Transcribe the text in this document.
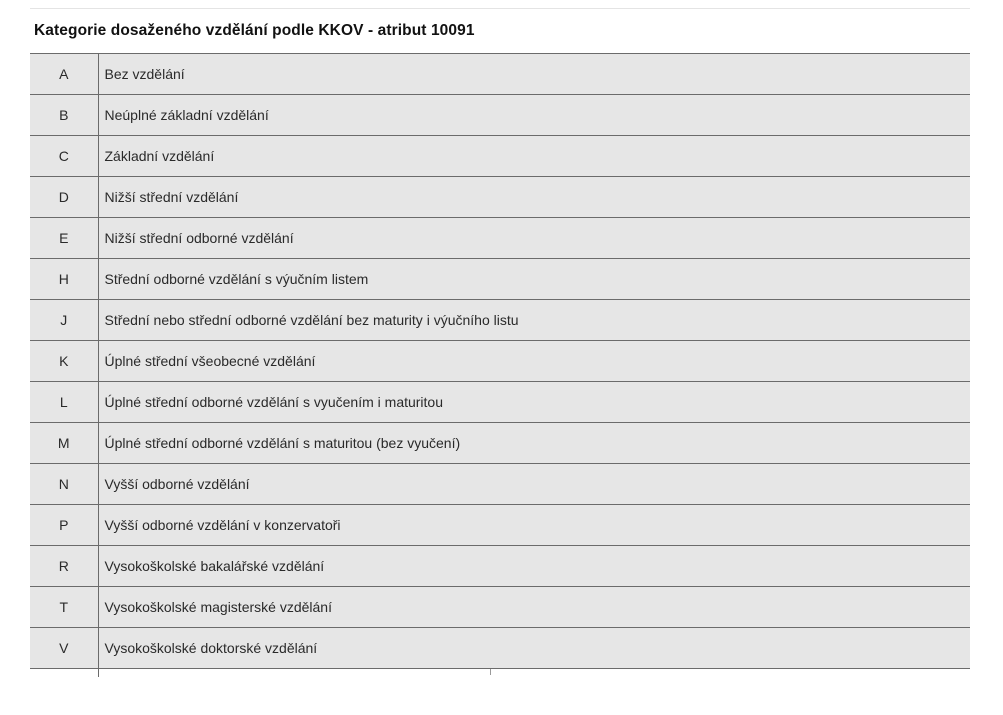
Kategorie dosaženého vzdělání podle KKOV - atribut 10091
A	Bez vzdělání
B	Neúplné základní vzdělání
C	Základní vzdělání
D	Nižší střední vzdělání
E	Nižší střední odborné vzdělání
H	Střední odborné vzdělání s výučním listem
J	Střední nebo střední odborné vzdělání bez maturity i výučního listu
K	Úplné střední všeobecné vzdělání
L	Úplné střední odborné vzdělání s vyučením i maturitou
M	Úplné střední odborné vzdělání s maturitou (bez vyučení)
N	Vyšší odborné vzdělání
P	Vyšší odborné vzdělání v konzervatoři
R	Vysokoškolské bakalářské vzdělání
T	Vysokoškolské magisterské vzdělání
V	Vysokoškolské doktorské vzdělání
